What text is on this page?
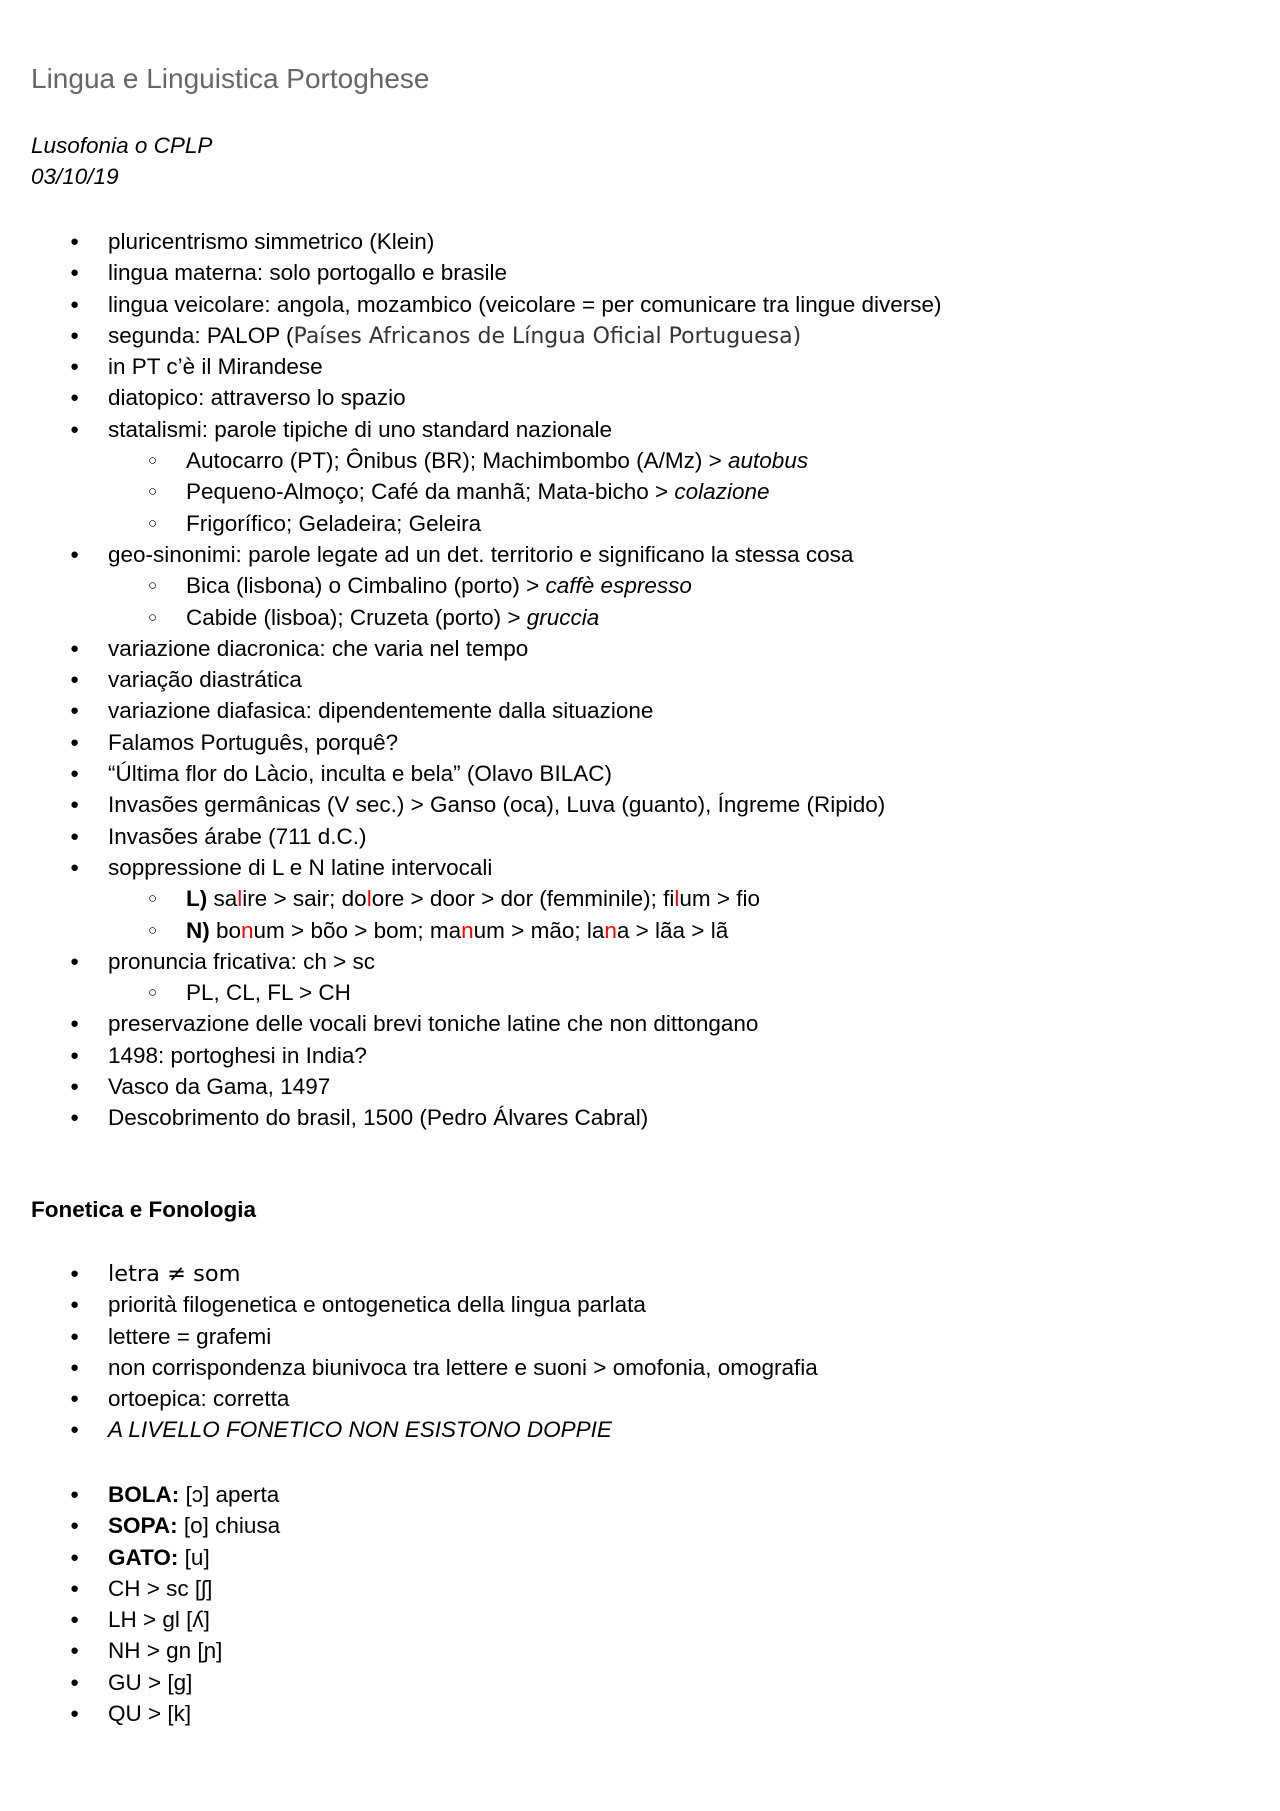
Lingua e Linguistica Portoghese
Lusofonia o CPLP
03/10/19
● pluricentrismo simmetrico (Klein)
● lingua materna: solo portogallo e brasile
● lingua veicolare: angola, mozambico (veicolare = per comunicare tra lingue diverse)
● segunda: PALOP (Países Africanos de Língua Oficial Portuguesa)
● in PT c’è il Mirandese
● diatopico: attraverso lo spazio
● statalismi: parole tipiche di uno standard nazionale
○ Autocarro (PT); Ônibus (BR); Machimbombo (A/Mz) > autobus
○ Pequeno-Almoço; Café da manhã; Mata-bicho > colazione
○ Frigorífico; Geladeira; Geleira
● geo-sinonimi: parole legate ad un det. territorio e significano la stessa cosa
○ Bica (lisbona) o Cimbalino (porto) > caffè espresso
○ Cabide (lisboa); Cruzeta (porto) > gruccia
● variazione diacronica: che varia nel tempo
● variação diastrática
● variazione diafasica: dipendentemente dalla situazione
● Falamos Português, porquê?
● “Última flor do Làcio, inculta e bela” (Olavo BILAC)
● Invasões germânicas (V sec.) > Ganso (oca), Luva (guanto), Íngreme (Ripido)
● Invasões árabe (711 d.C.)
● soppressione di L e N latine intervocali
○ L) salire > sair; dolore > door > dor (femminile); filum > fio
○ N) bonum > bõo > bom; manum > mão; lana > lãa > lã
● pronuncia fricativa: ch > sc
○ PL, CL, FL > CH
● preservazione delle vocali brevi toniche latine che non dittongano
● 1498: portoghesi in India?
● Vasco da Gama, 1497
● Descobrimento do brasil, 1500 (Pedro Álvares Cabral)
Fonetica e Fonologia
● letra ≠ som
● priorità filogenetica e ontogenetica della lingua parlata
● lettere = grafemi
● non corrispondenza biunivoca tra lettere e suoni > omofonia, omografia
● ortoepica: corretta
● A LIVELLO FONETICO NON ESISTONO DOPPIE
● BOLA: [ɔ] aperta
● SOPA: [o] chiusa
● GATO: [u]
● CH > sc [ʃ]
● LH > gl [ʎ]
● NH > gn [ɲ]
● GU > [g]
● QU > [k]
